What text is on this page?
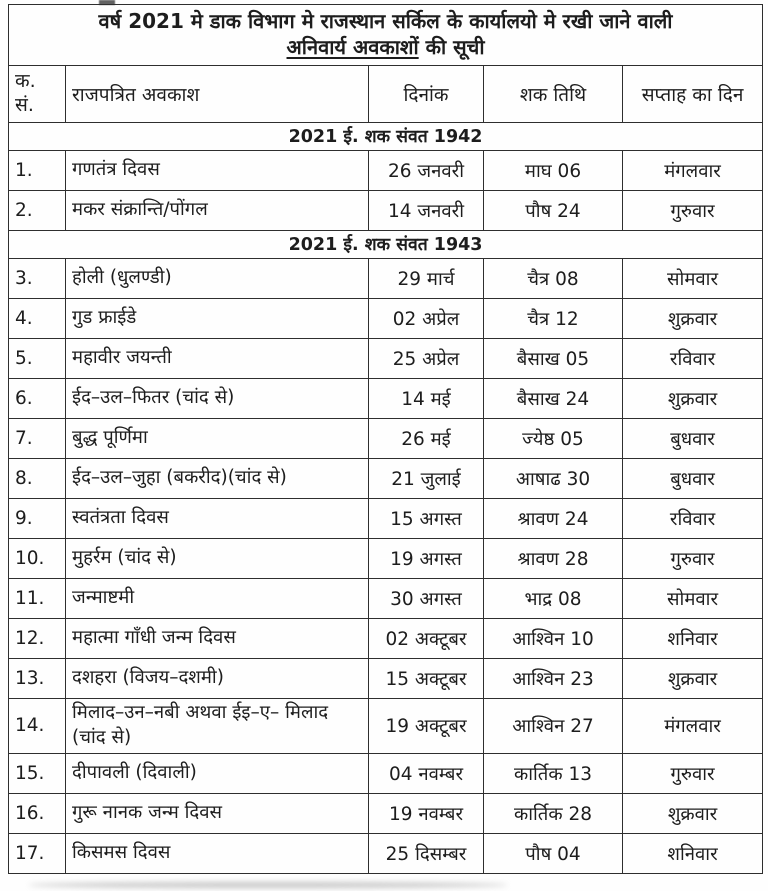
वर्ष 2021 मे डाक विभाग मे राजस्थान सर्किल के कार्यालयो मे रखी जाने वाली
अनिवार्य अवकाशों की सूची				

क.
सं.	राजपत्रित अवकाश	दिनांक	शक तिथि	सप्ताह का दिन
2021 ई. शक संवत 1942				
1.	गणतंत्र दिवस	26 जनवरी	माघ 06	मंगलवार
2.	मकर संक्रान्ति/पोंगल	14 जनवरी	पौष 24	गुरुवार
2021 ई. शक संवत 1943				
3.	होली (धुलण्डी)	29 मार्च	चैत्र 08	सोमवार
4.	गुड फ्राईडे	02 अप्रेल	चैत्र 12	शुक्रवार
5.	महावीर जयन्ती	25 अप्रेल	बैसाख 05	रविवार
6.	ईद–उल–फितर (चांद से)	14 मई	बैसाख 24	शुक्रवार
7.	बुद्ध पूर्णिमा	26 मई	ज्येष्ठ 05	बुधवार
8.	ईद–उल–जुहा (बकरीद)(चांद से)	21 जुलाई	आषाढ 30	बुधवार
9.	स्वतंत्रता दिवस	15 अगस्त	श्रावण 24	रविवार
10.	मुहर्रम (चांद से)	19 अगस्त	श्रावण 28	गुरुवार
11.	जन्माष्टमी	30 अगस्त	भाद्र 08	सोमवार
12.	महात्मा गाँधी जन्म दिवस	02 अक्टूबर	आश्विन 10	शनिवार
13.	दशहरा (विजय–दशमी)	15 अक्टूबर	आश्विन 23	शुक्रवार
14.	मिलाद–उन–नबी अथवा ईइ–ए– मिलाद (चांद से)	19 अक्टूबर	आश्विन 27	मंगलवार
15.	दीपावली (दिवाली)	04 नवम्बर	कार्तिक 13	गुरुवार
16.	गुरू नानक जन्म दिवस	19 नवम्बर	कार्तिक 28	शुक्रवार
17.	किसमस दिवस	25 दिसम्बर	पौष 04	शनिवार
